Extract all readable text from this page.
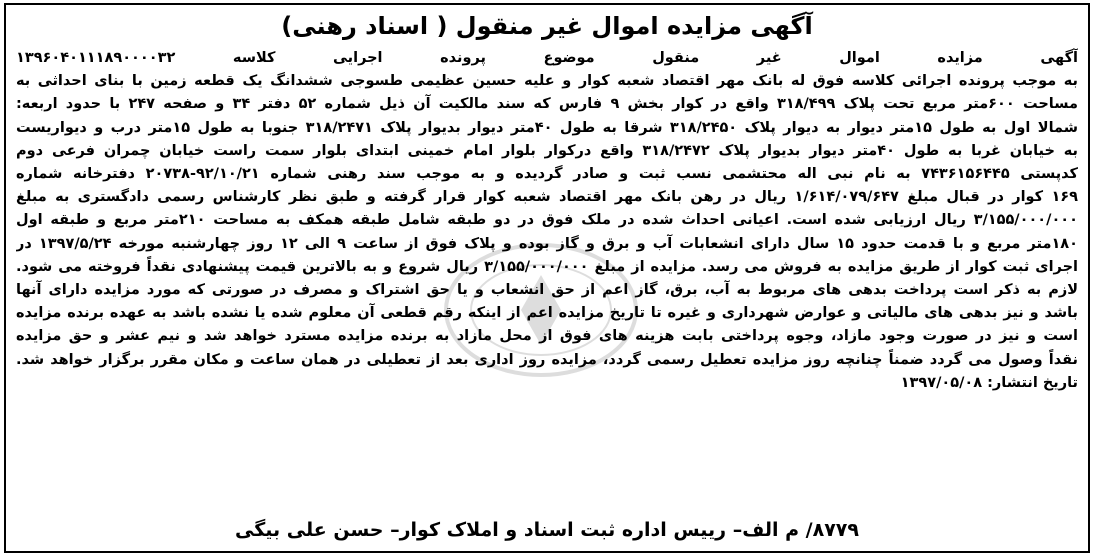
آگهی مزایده اموال غیر منقول ( اسناد رهنی)
آگهی مزایده اموال غیر منقول موضوع پرونده اجرایی کلاسه ۱۳۹۶۰۴۰۱۱۱۸۹۰۰۰۰۳۲
به موجب پرونده اجرائی کلاسه فوق له بانک مهر اقتصاد شعبه کوار و علیه حسین عظیمی طسوجی ششدانگ یک قطعه زمین با بنای احداثی به
مساحت ۶۰۰متر مربع تحت پلاک ۳۱۸/۴۹۹ واقع در کوار بخش ۹ فارس که سند مالکیت آن ذیل شماره ۵۲ دفتر ۳۴ و صفحه ۲۴۷ با حدود اربعه:
شمالا اول به طول ۱۵متر دیوار به دیوار پلاک ۳۱۸/۲۴۵۰ شرقا به طول ۴۰متر دیوار بدیوار پلاک ۳۱۸/۲۴۷۱ جنوبا به طول ۱۵متر درب و دیواریست
به خیابان غربا به طول ۴۰متر دیوار بدیوار پلاک ۳۱۸/۲۴۷۲ واقع درکوار بلوار امام خمینی ابتدای بلوار سمت راست خیابان چمران فرعی دوم
کدپستی ۷۴۳۶۱۵۶۴۴۵ به نام نبی اله محتشمی نسب ثبت و صادر گردیده و به موجب سند رهنی شماره ۹۲/۱۰/۲۱-۲۰۷۳۸ دفترخانه شماره
۱۶۹ کوار در قبال مبلغ ۱/۶۱۴/۰۷۹/۶۴۷ ریال در رهن بانک مهر اقتصاد شعبه کوار قرار گرفته و طبق نظر کارشناس رسمی دادگستری به مبلغ
۳/۱۵۵/۰۰۰/۰۰۰ ریال ارزیابی شده است. اعیانی احداث شده در ملک فوق در دو طبقه شامل طبقه همکف به مساحت ۲۱۰متر مربع و طبقه اول
۱۸۰متر مربع و با قدمت حدود ۱۵ سال دارای انشعابات آب و برق و گاز بوده و پلاک فوق از ساعت ۹ الی ۱۲ روز چهارشنبه مورخه ۱۳۹۷/۵/۲۴ در
اجرای ثبت کوار از طریق مزایده به فروش می رسد. مزایده از مبلغ ۳/۱۵۵/۰۰۰/۰۰۰ ریال شروع و به بالاترین قیمت پیشنهادی نقداً فروخته می شود.
لازم به ذکر است پرداخت بدهی های مربوط به آب، برق، گاز اعم از حق انشعاب و یا حق اشتراک و مصرف در صورتی که مورد مزایده دارای آنها
باشد و نیز بدهی های مالیاتی و عوارض شهرداری و غیره تا تاریخ مزایده اعم از اینکه رقم قطعی آن معلوم شده یا نشده باشد به عهده برنده مزایده
است و نیز در صورت وجود مازاد، وجوه پرداختی بابت هزینه های فوق از محل مازاد به برنده مزایده مسترد خواهد شد و نیم عشر و حق مزایده
نقداً وصول می گردد ضمناً چنانچه روز مزایده تعطیل رسمی گردد، مزایده روز اداری بعد از تعطیلی در همان ساعت و مکان مقرر برگزار خواهد شد.
تاریخ انتشار: ۱۳۹۷/۰۵/۰۸
۸۷۷۹/ م الف– رییس اداره ثبت اسناد و املاک کوار– حسن علی بیگی
